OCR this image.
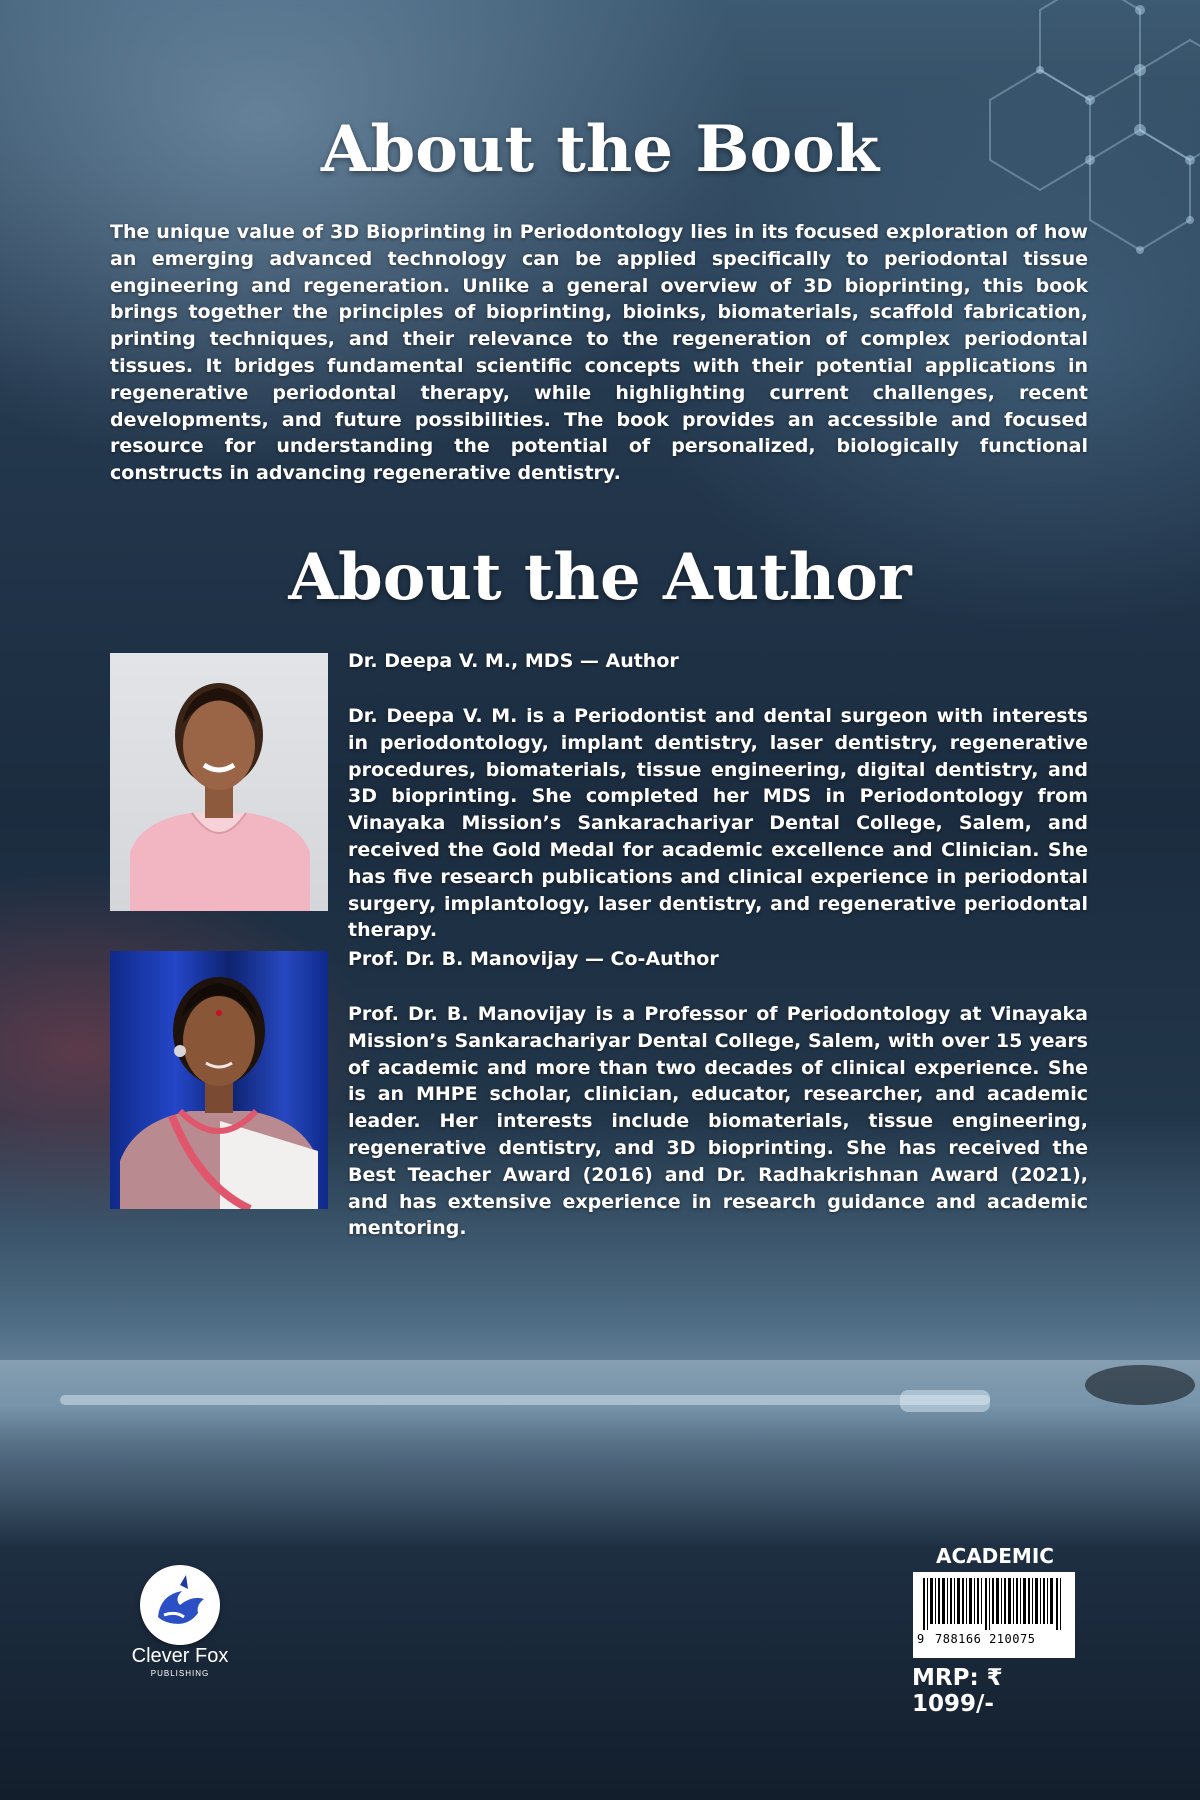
About the Book

The unique value of 3D Bioprinting in Periodontology lies in its focused exploration of how an emerging advanced technology can be applied specifically to periodontal tissue engineering and regeneration. Unlike a general overview of 3D bioprinting, this book brings together the principles of bioprinting, bioinks, biomaterials, scaffold fabrication, printing techniques, and their relevance to the regeneration of complex periodontal tissues. It bridges fundamental scientific concepts with their potential applications in regenerative periodontal therapy, while highlighting current challenges, recent developments, and future possibilities. The book provides an accessible and focused resource for understanding the potential of personalized, biologically functional constructs in advancing regenerative dentistry.

About the Author
Dr. Deepa V. M., MDS — Author

Dr. Deepa V. M. is a Periodontist and dental surgeon with interests in periodontology, implant dentistry, laser dentistry, regenerative procedures, biomaterials, tissue engineering, digital dentistry, and 3D bioprinting. She completed her MDS in Periodontology from Vinayaka Mission’s Sankarachariyar Dental College, Salem, and received the Gold Medal for academic excellence and Clinician. She has five research publications and clinical experience in periodontal surgery, implantology, laser dentistry, and regenerative periodontal therapy.

Prof. Dr. B. Manovijay — Co-Author

Prof. Dr. B. Manovijay is a Professor of Periodontology at Vinayaka Mission’s Sankarachariyar Dental College, Salem, with over 15 years of academic and more than two decades of clinical experience. She is an MHPE scholar, clinician, educator, researcher, and academic leader. Her interests include biomaterials, tissue engineering, regenerative dentistry, and 3D bioprinting. She has received the Best Teacher Award (2016) and Dr. Radhakrishnan Award (2021), and has extensive experience in research guidance and academic mentoring.

Clever Fox
PUBLISHING
ACADEMIC
9 788166 210075
MRP: ₹ 1099/-
